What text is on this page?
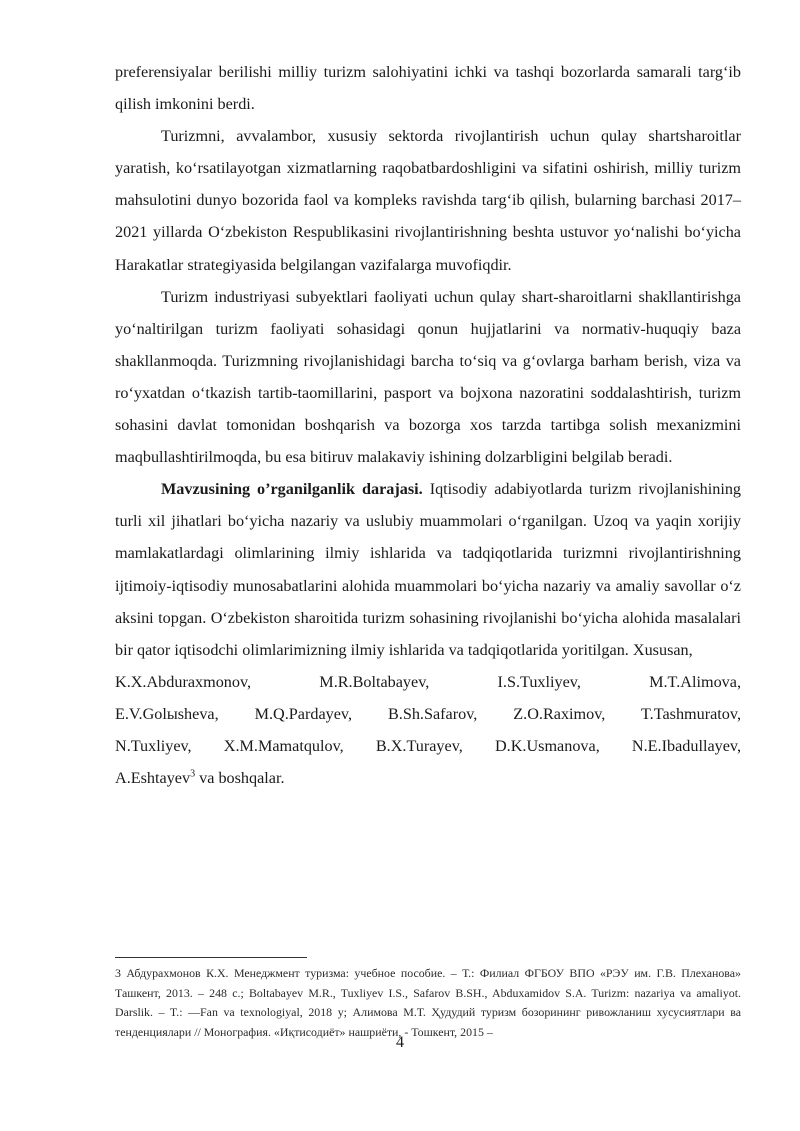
preferensiyalar berilishi milliy turizm salohiyatini ichki va tashqi bozorlarda samarali targ‘ib qilish imkonini berdi.

Turizmni, avvalambor, xususiy sektorda rivojlantirish uchun qulay shartsharoitlar yaratish, ko‘rsatilayotgan xizmatlarning raqobatbardoshligini va sifatini oshirish, milliy turizm mahsulotini dunyo bozorida faol va kompleks ravishda targ‘ib qilish, bularning barchasi 2017–2021 yillarda O‘zbekiston Respublikasini rivojlantirishning beshta ustuvor yo‘nalishi bo‘yicha Harakatlar strategiyasida belgilangan vazifalarga muvofiqdir.

Turizm industriyasi subyektlari faoliyati uchun qulay shart-sharoitlarni shakllantirishga yo‘naltirilgan turizm faoliyati sohasidagi qonun hujjatlarini va normativ-huquqiy baza shakllanmoqda. Turizmning rivojlanishidagi barcha to‘siq va g‘ovlarga barham berish, viza va ro‘yxatdan o‘tkazish tartib-taomillarini, pasport va bojxona nazoratini soddalashtirish, turizm sohasini davlat tomonidan boshqarish va bozorga xos tarzda tartibga solish mexanizmini maqbullashtirilmoqda, bu esa bitiruv malakaviy ishining dolzarbligini belgilab beradi.

Mavzusining o’rganilganlik darajasi. Iqtisodiy adabiyotlarda turizm rivojlanishining turli xil jihatlari bo‘yicha nazariy va uslubiy muammolari o‘rganilgan. Uzoq va yaqin xorijiy mamlakatlardagi olimlarining ilmiy ishlarida va tadqiqotlarida turizmni rivojlantirishning ijtimoiy-iqtisodiy munosabatlarini alohida muammolari bo‘yicha nazariy va amaliy savollar o‘z aksini topgan. O‘zbekiston sharoitida turizm sohasining rivojlanishi bo‘yicha alohida masalalari bir qator iqtisodchi olimlarimizning ilmiy ishlarida va tadqiqotlarida yoritilgan. Xususan,

K.X.Abduraxmonov, M.R.Boltabayev, I.S.Tuxliyev, M.T.Alimova,

E.V.Golыsheva, M.Q.Pardayev, B.Sh.Safarov, Z.O.Raximov, T.Tashmuratov,

N.Tuxliyev, X.M.Mamatqulov, B.X.Turayev, D.K.Usmanova, N.E.Ibadullayev,

A.Eshtayev$^3$ va boshqalar.

3 Абдурахмонов К.Х. Менеджмент туризма: учебное пособие. – Т.: Филиал ФГБОУ ВПО «РЭУ им. Г.В. Плеханова» Ташкент, 2013. – 248 с.; Boltabayev M.R., Tuxliyev I.S., Safarov B.SH., Abduxamidov S.A. Turizm: nazariya va amaliyot. Darslik. – T.: —Fan va texnologiyal, 2018 y; Алимова М.Т. Ҳудудий туризм бозорининг ривожланиш хусусиятлари ва тенденциялари // Монография. «Иқтисодиёт» нашриёти, - Тошкент, 2015 –

4
